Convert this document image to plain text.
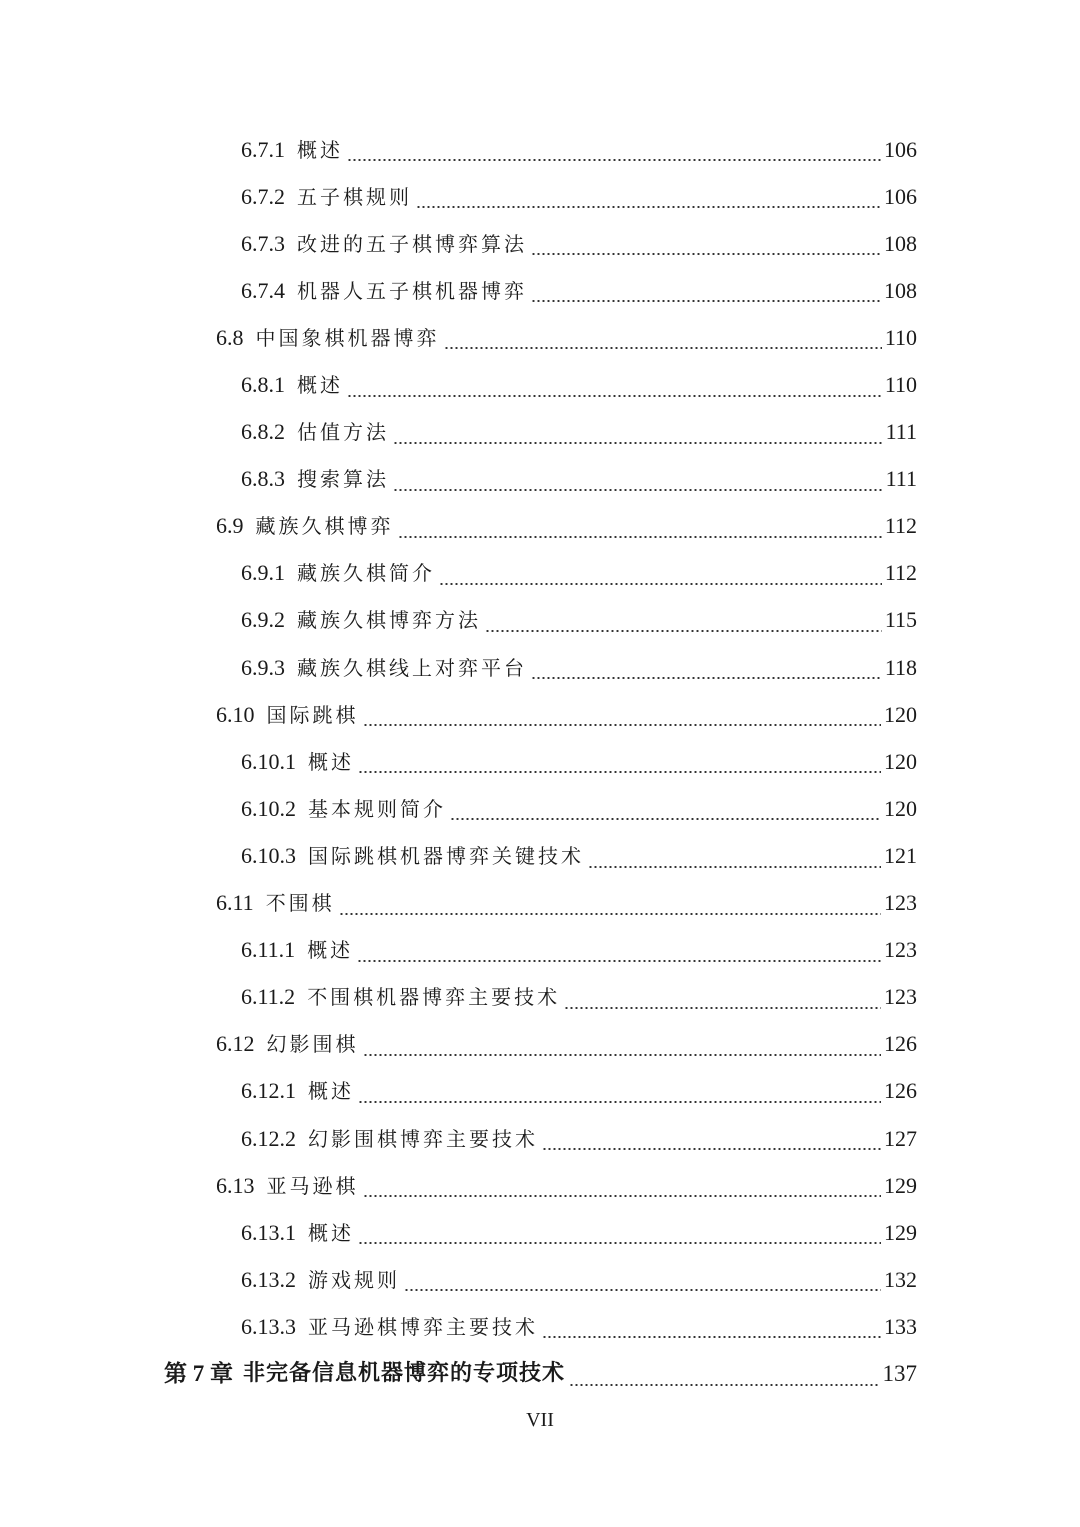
6.7.1 概述	106
6.7.2 五子棋规则	106
6.7.3 改进的五子棋博弈算法	108
6.7.4 机器人五子棋机器博弈	108
6.8 中国象棋机器博弈	110
6.8.1 概述	110
6.8.2 估值方法	111
6.8.3 搜索算法	111
6.9 藏族久棋博弈	112
6.9.1 藏族久棋简介	112
6.9.2 藏族久棋博弈方法	115
6.9.3 藏族久棋线上对弈平台	118
6.10 国际跳棋	120
6.10.1 概述	120
6.10.2 基本规则简介	120
6.10.3 国际跳棋机器博弈关键技术	121
6.11 不围棋	123
6.11.1 概述	123
6.11.2 不围棋机器博弈主要技术	123
6.12 幻影围棋	126
6.12.1 概述	126
6.12.2 幻影围棋博弈主要技术	127
6.13 亚马逊棋	129
6.13.1 概述	129
6.13.2 游戏规则	132
6.13.3 亚马逊棋博弈主要技术	133
第 7 章 非完备信息机器博弈的专项技术	137
VII
